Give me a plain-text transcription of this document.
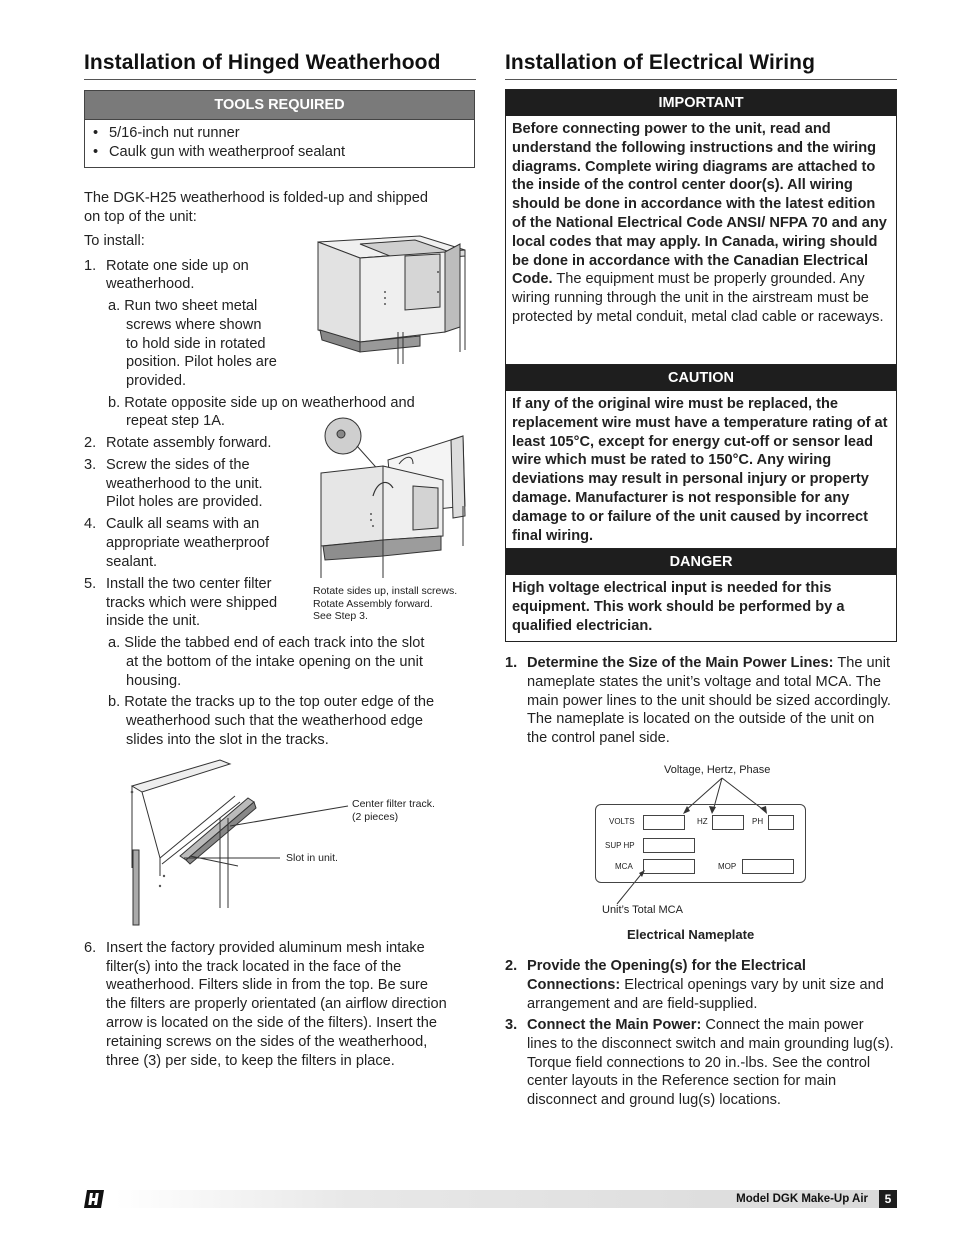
Installation of Hinged Weatherhood
TOOLS REQUIRED
• 5/16-inch nut runner
• Caulk gun with weatherproof sealant

The DGK-H25 weatherhood is folded-up and shipped

on top of the unit:

To install:

1. Rotate one side up on

weatherhood.

a. Run two sheet metal

screws where shown

to hold side in rotated

position. Pilot holes are

provided.

b. Rotate opposite side up on weatherhood and

repeat step 1A.

2. Rotate assembly forward.

3. Screw the sides of the

weatherhood to the unit.

Pilot holes are provided.

4. Caulk all seams with an

appropriate weatherproof

sealant.

5. Install the two center filter

tracks which were shipped

inside the unit.

a. Slide the tabbed end of each track into the slot

at the bottom of the intake opening on the unit

housing.

b. Rotate the tracks up to the top outer edge of the

weatherhood such that the weatherhood edge

slides into the slot in the tracks.

Rotate sides up, install screws.
Rotate Assembly forward.
See Step 3.
Center filter track.
(2 pieces)
Slot in unit.
6. Insert the factory provided aluminum mesh intake

filter(s) into the track located in the face of the

weatherhood. Filters slide in from the top. Be sure

the filters are properly orientated (an airflow direction

arrow is located on the side of the filters). Insert the

retaining screws on the sides of the weatherhood,

three (3) per side, to keep the filters in place.

Installation of Electrical Wiring
IMPORTANT
Before connecting power to the unit, read and understand the following instructions and the wiring diagrams. Complete wiring diagrams are attached to the inside of the control center door(s). All wiring should be done in accordance with the latest edition of the National Electrical Code ANSI/ NFPA 70 and any local codes that may apply. In Canada, wiring should be done in accordance with the Canadian Electrical Code. The equipment must be properly grounded. Any wiring running through the unit in the airstream must be protected by metal conduit, metal clad cable or raceways.
CAUTION
If any of the original wire must be replaced, the replacement wire must have a temperature rating of at least 105°C, except for energy cut-off or sensor lead wire which must be rated to 150°C. Any wiring deviations may result in personal injury or property damage. Manufacturer is not responsible for any damage to or failure of the unit caused by incorrect final wiring.
DANGER
High voltage electrical input is needed for this equipment. This work should be performed by a qualified electrician.
1. Determine the Size of the Main Power Lines: The unit nameplate states the unit’s voltage and total MCA. The main power lines to the unit should be sized accordingly. The nameplate is located on the outside of the unit on the control panel side.

Voltage, Hertz, Phase
VOLTS	HZ	PH
SUP HP
MCA	MOP
Unit’s Total MCA
Electrical Nameplate
2. Provide the Opening(s) for the Electrical Connections: Electrical openings vary by unit size and arrangement and are field-supplied.

3. Connect the Main Power: Connect the main power lines to the disconnect switch and main grounding lug(s). Torque field connections to 20 in.-lbs. See the control center layouts in the Reference section for main disconnect and ground lug(s) locations.

Model DGK Make-Up Air	5
